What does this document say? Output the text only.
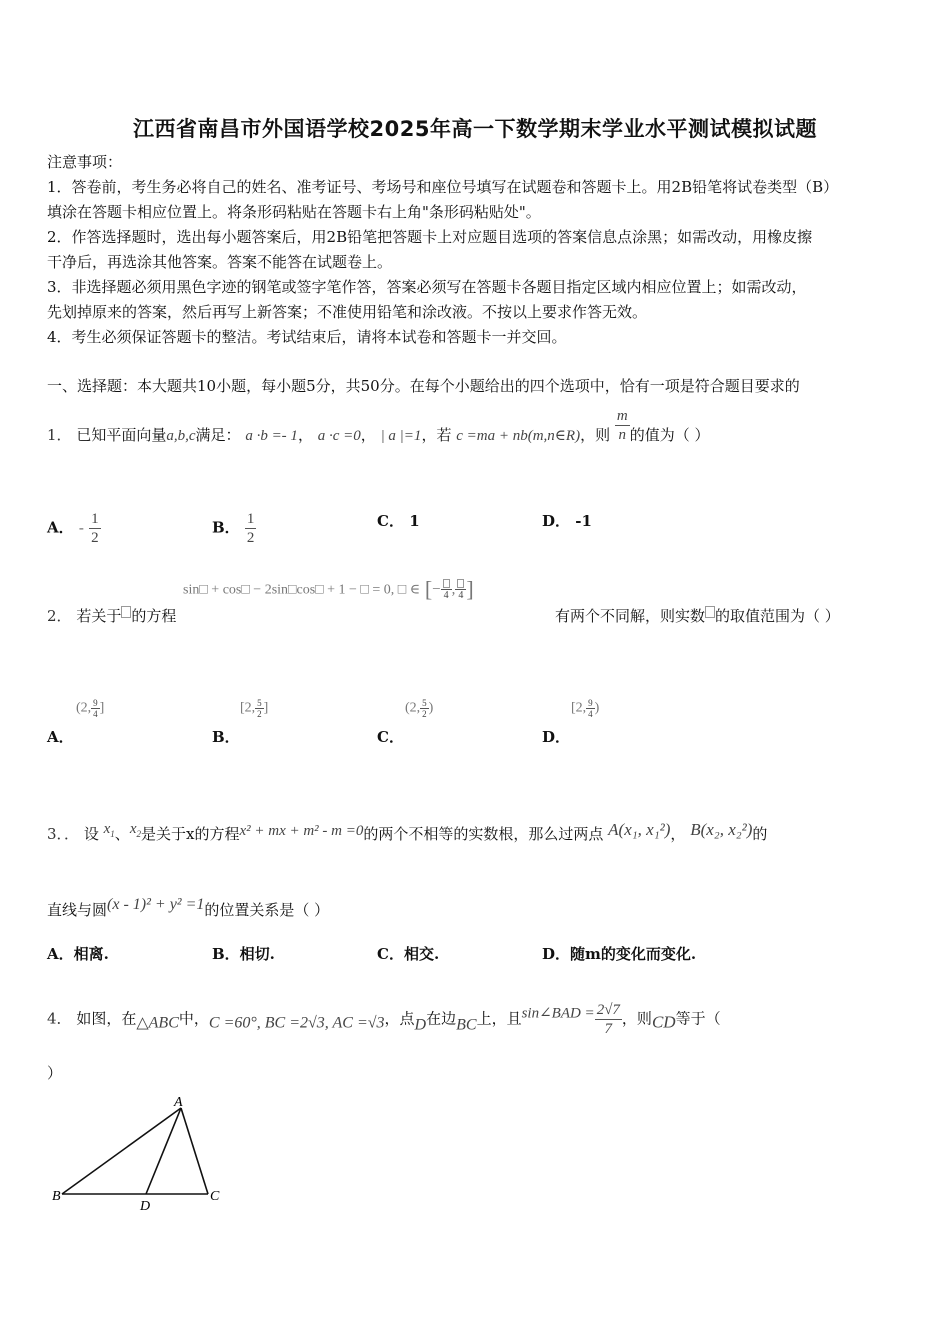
江西省南昌市外国语学校2025年高一下数学期末学业水平测试模拟试题
注意事项：
1．答卷前，考生务必将自己的姓名、准考证号、考场号和座位号填写在试题卷和答题卡上。用2B铅笔将试卷类型（B）
填涂在答题卡相应位置上。将条形码粘贴在答题卡右上角"条形码粘贴处"。
2．作答选择题时，选出每小题答案后，用2B铅笔把答题卡上对应题目选项的答案信息点涂黑；如需改动，用橡皮擦
干净后，再选涂其他答案。答案不能答在试题卷上。
3．非选择题必须用黑色字迹的钢笔或签字笔作答，答案必须写在答题卡各题目指定区域内相应位置上；如需改动，
先划掉原来的答案，然后再写上新答案；不准使用铅笔和涂改液。不按以上要求作答无效。
4．考生必须保证答题卡的整洁。考试结束后，请将本试卷和答题卡一并交回。
一、选择题：本大题共10小题，每小题5分，共50分。在每个小题给出的四个选项中，恰有一项是符合题目要求的
1． 已知平面向量a,b,c满足： a ·b =- 1， a ·c =0， | a |=1，若 c =ma + nb(m,n∈R)，则 $\frac{m}{n}$ 的值为（ ）
A． - $\frac{1}{2}$	B． $\frac{1}{2}$	C． 1	D． -1
sin□ + cos□ − 2sin□cos□ + 1 − □ = 0, □ ∈ [− 4 , 4 ]
2． 若关于 的方程	有两个不同解，则实数 的取值范围为（ ）
A．
(2, $\frac{9}{4}$ ]
B．
[2, $\frac{5}{2}$ ]
C．
(2, $\frac{5}{2}$ )
D．
[2, $\frac{9}{4}$ )
3．． 设 $x_1$、$x_2$是关于x的方程x² + mx + m² - m =0的两个不相等的实数根，那么过两点 A(x₁, x₁²)， B(x₂, x₂²)的
直线与圆(x - 1)² + y² =1的位置关系是（ ）
A．相离.	B．相切.	C．相交.	D．随m的变化而变化.
4． 如图，在△ABC中，C =60°, BC =2√3, AC =√3，点D在边BC上，且sin∠BAD = $\frac{2√7}{7}$ ，则CD等于（
）
A
B	C
D
